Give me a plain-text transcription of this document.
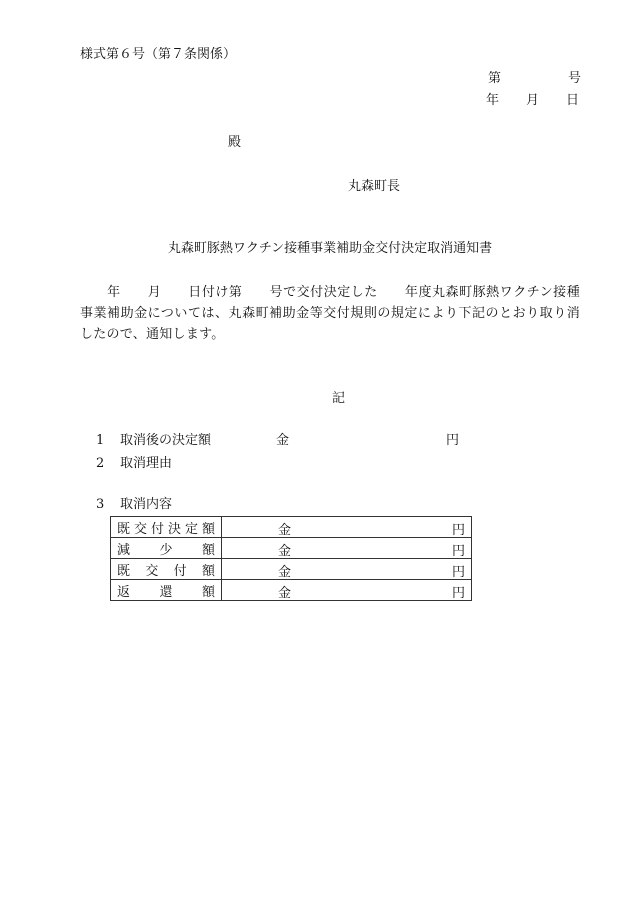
様式第６号（第７条関係）
第	号
年 月 日
殿
丸森町長
丸森町豚熱ワクチン接種事業補助金交付決定取消通知書
　　年　　月　　日付け第　　号で交付決定した　　年度丸森町豚熱ワクチン接種事業補助金については、丸森町補助金等交付規則の規定により下記のとおり取り消したので、通知します。
記
1 取消後の決定額	金	円
2 取消理由
3 取消内容
既交付決定額	金 円

減少額	金 円

既交付額	金 円

返還額	金 円
